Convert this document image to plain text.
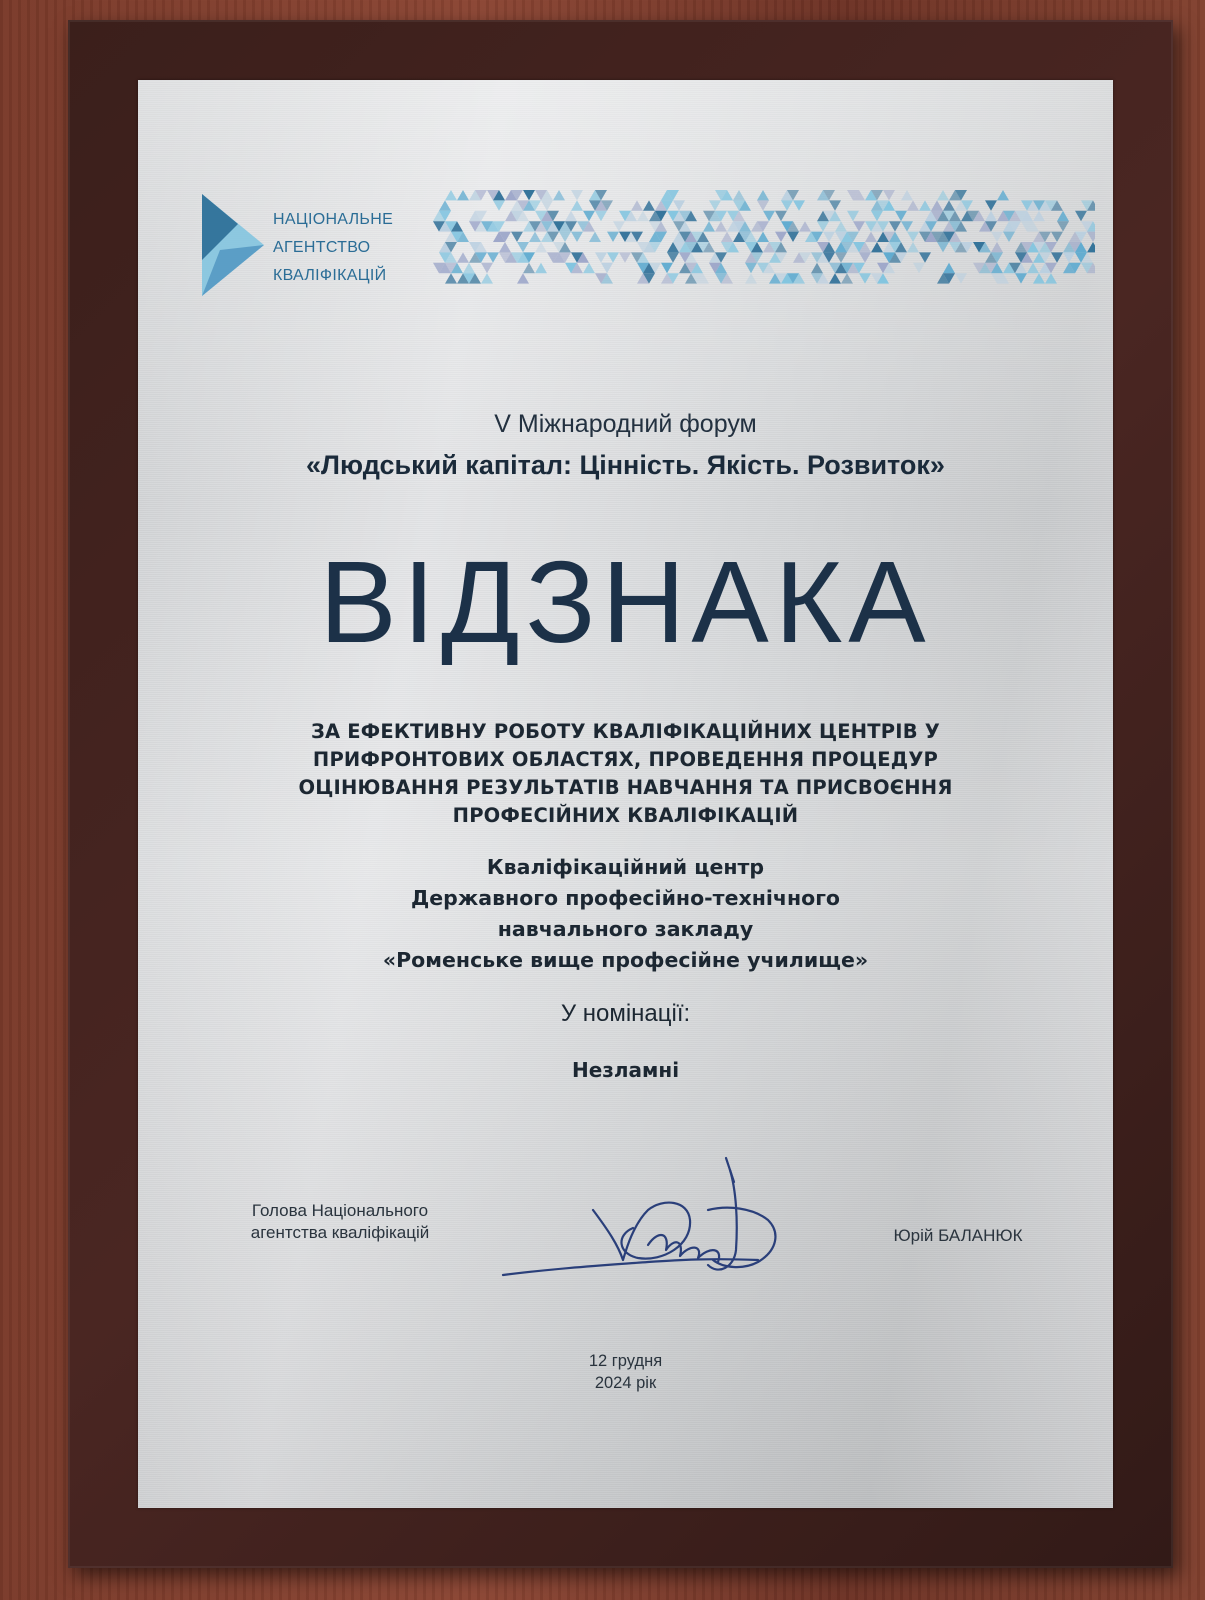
НАЦІОНАЛЬНЕ
АГЕНТСТВО
КВАЛІФІКАЦІЙ
V Міжнародний форум
«Людський капітал: Цінність. Якість. Розвиток»
ВІДЗНАКА
ЗА ЕФЕКТИВНУ РОБОТУ КВАЛІФІКАЦІЙНИХ ЦЕНТРІВ У
ПРИФРОНТОВИХ ОБЛАСТЯХ, ПРОВЕДЕННЯ ПРОЦЕДУР
ОЦІНЮВАННЯ РЕЗУЛЬТАТІВ НАВЧАННЯ ТА ПРИСВОЄННЯ
ПРОФЕСІЙНИХ КВАЛІФІКАЦІЙ
Кваліфікаційний центр
Державного професійно-технічного
навчального закладу
«Роменське вище професійне училище»
У номінації:
Незламні
Голова Національного
агентства кваліфікацій	Юрій БАЛАНЮК
12 грудня
2024 рік
